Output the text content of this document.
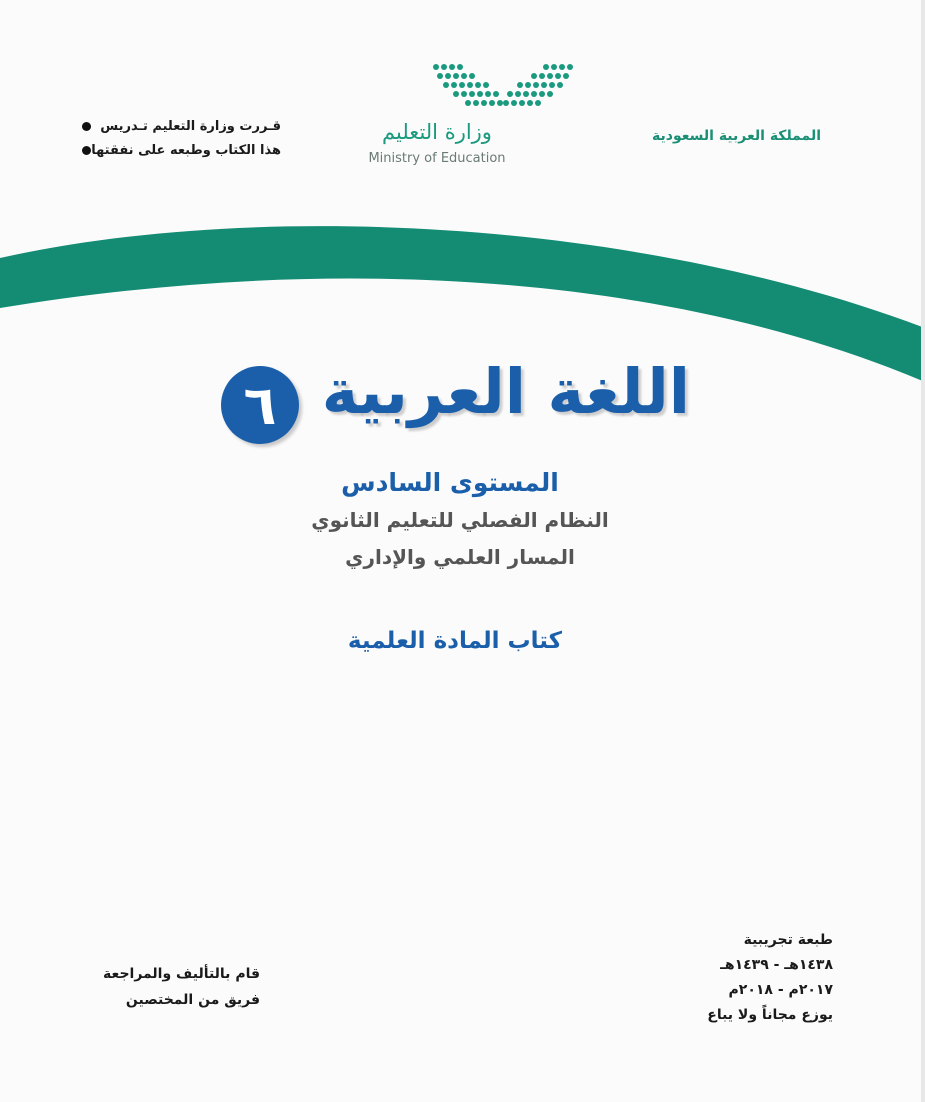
المملكة العربية السعودية
وزارة التعليم
Ministry of Education
قـررت وزارة التعليم تـدريس
هذا الكتاب وطبعه على نفقتها
اللغة العربية
٦
المستوى السادس
النظام الفصلي للتعليم الثانوي
المسار العلمي والإداري
كتاب المادة العلمية
طبعة تجريبية
١٤٣٨هـ - ١٤٣٩هـ
٢٠١٧م - ٢٠١٨م
يوزع مجاناً ولا يباع
قام بالتأليف والمراجعة
فريق من المختصين
